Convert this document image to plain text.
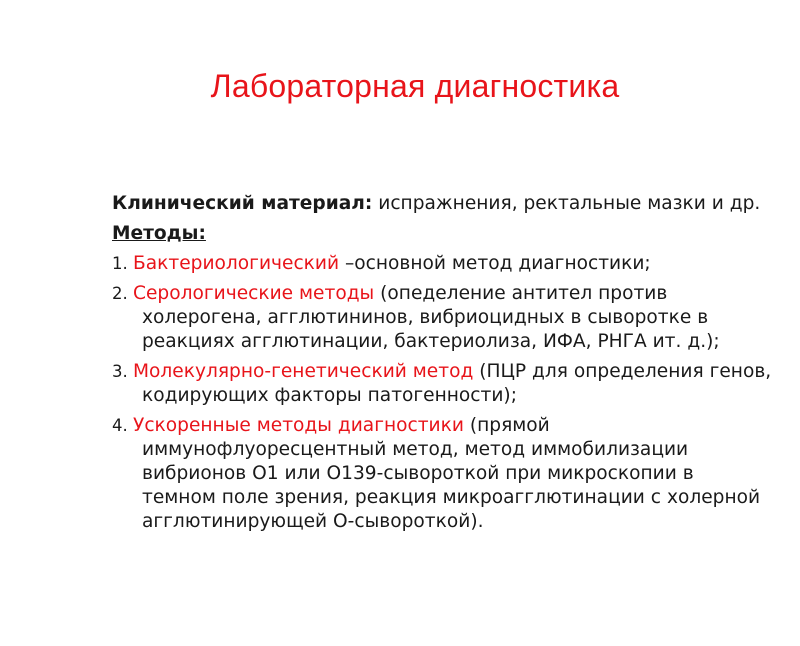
Лабораторная диагностика

Клинический материал: испражнения, ректальные мазки и др.

Методы:

1. Бактериологический –основной метод диагностики;

2. Серологические методы (опеделение антител против холерогена, агглютининов, вибриоцидных в сыворотке в реакциях агглютинации, бактериолиза, ИФА, РНГА ит. д.);

3. Молекулярно-генетический метод (ПЦР для определения генов, кодирующих факторы патогенности);

4. Ускоренные методы диагностики (прямой иммунофлуоресцентный метод, метод иммобилизации вибрионов О1 или О139-сывороткой при микроскопии в темном поле зрения, реакция микроагглютинации с холерной агглютинирующей О-сывороткой).
